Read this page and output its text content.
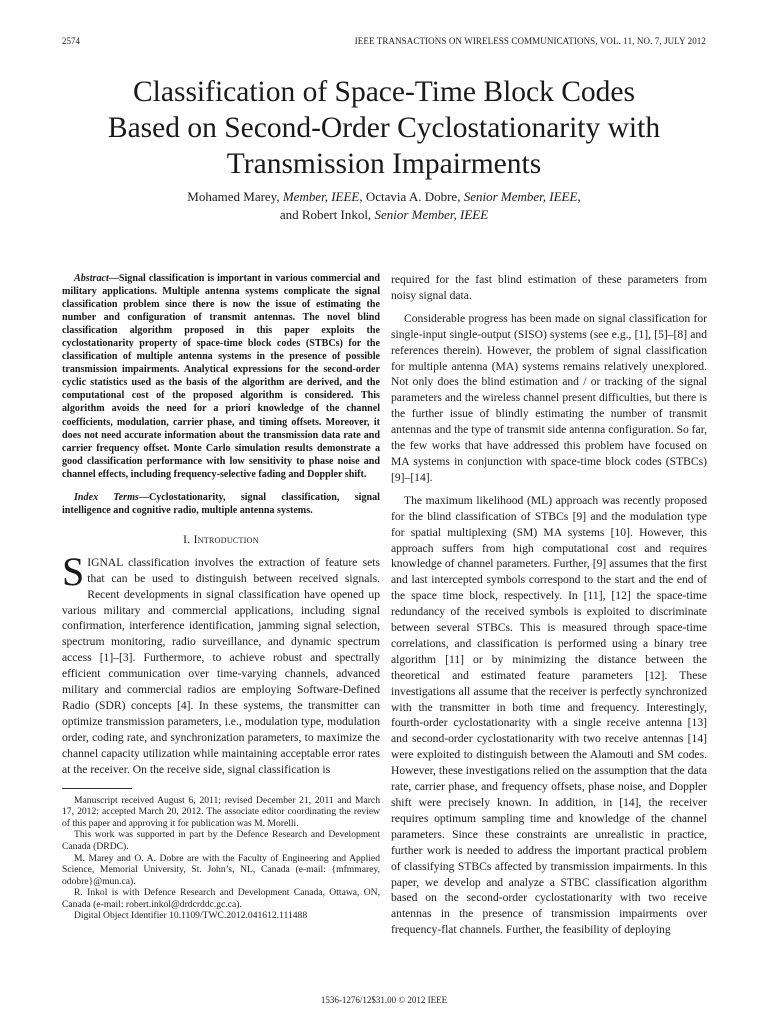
2574	IEEE TRANSACTIONS ON WIRELESS COMMUNICATIONS, VOL. 11, NO. 7, JULY 2012
Classification of Space-Time Block Codes
Based on Second-Order Cyclostationarity with
Transmission Impairments
Mohamed Marey, Member, IEEE, Octavia A. Dobre, Senior Member, IEEE,
and Robert Inkol, Senior Member, IEEE

Abstract—Signal classification is important in various commercial and military applications. Multiple antenna systems complicate the signal classification problem since there is now the issue of estimating the number and configuration of transmit antennas. The novel blind classification algorithm proposed in this paper exploits the cyclostationarity property of space-time block codes (STBCs) for the classification of multiple antenna systems in the presence of possible transmission impairments. Analytical expressions for the second-order cyclic statistics used as the basis of the algorithm are derived, and the computational cost of the proposed algorithm is considered. This algorithm avoids the need for a priori knowledge of the channel coefficients, modulation, carrier phase, and timing offsets. Moreover, it does not need accurate information about the transmission data rate and carrier frequency offset. Monte Carlo simulation results demonstrate a good classification performance with low sensitivity to phase noise and channel effects, including frequency-selective fading and Doppler shift.

Index Terms—Cyclostationarity, signal classification, signal intelligence and cognitive radio, multiple antenna systems.

I. Introduction

SIGNAL classification involves the extraction of feature sets that can be used to distinguish between received signals. Recent developments in signal classification have opened up various military and commercial applications, including signal confirmation, interference identification, jamming signal selection, spectrum monitoring, radio surveillance, and dynamic spectrum access [1]–[3]. Furthermore, to achieve robust and spectrally efficient communication over time-varying channels, advanced military and commercial radios are employing Software-Defined Radio (SDR) concepts [4]. In these systems, the transmitter can optimize transmission parameters, i.e., modulation type, modulation order, coding rate, and synchronization parameters, to maximize the channel capacity utilization while maintaining acceptable error rates at the receiver. On the receive side, signal classification is

Manuscript received August 6, 2011; revised December 21, 2011 and March 17, 2012; accepted March 20, 2012. The associate editor coordinating the review of this paper and approving it for publication was M. Morelli.

This work was supported in part by the Defence Research and Development Canada (DRDC).

M. Marey and O. A. Dobre are with the Faculty of Engineering and Applied Science, Memorial University, St. John’s, NL, Canada (e-mail: {mfmmarey, odobre}@mun.ca).

R. Inkol is with Defence Research and Development Canada, Ottawa, ON, Canada (e-mail: robert.inkol@drdcrddc.gc.ca).

Digital Object Identifier 10.1109/TWC.2012.041612.111488

required for the fast blind estimation of these parameters from noisy signal data.

Considerable progress has been made on signal classification for single-input single-output (SISO) systems (see e.g., [1], [5]–[8] and references therein). However, the problem of signal classification for multiple antenna (MA) systems remains relatively unexplored. Not only does the blind estimation and / or tracking of the signal parameters and the wireless channel present difficulties, but there is the further issue of blindly estimating the number of transmit antennas and the type of transmit side antenna configuration. So far, the few works that have addressed this problem have focused on MA systems in conjunction with space-time block codes (STBCs) [9]–[14].

The maximum likelihood (ML) approach was recently proposed for the blind classification of STBCs [9] and the modulation type for spatial multiplexing (SM) MA systems [10]. However, this approach suffers from high computational cost and requires knowledge of channel parameters. Further, [9] assumes that the first and last intercepted symbols correspond to the start and the end of the space time block, respectively. In [11], [12] the space-time redundancy of the received symbols is exploited to discriminate between several STBCs. This is measured through space-time correlations, and classification is performed using a binary tree algorithm [11] or by minimizing the distance between the theoretical and estimated feature parameters [12]. These investigations all assume that the receiver is perfectly synchronized with the transmitter in both time and frequency. Interestingly, fourth-order cyclostationarity with a single receive antenna [13] and second-order cyclostationarity with two receive antennas [14] were exploited to distinguish between the Alamouti and SM codes. However, these investigations relied on the assumption that the data rate, carrier phase, and frequency offsets, phase noise, and Doppler shift were precisely known. In addition, in [14], the receiver requires optimum sampling time and knowledge of the channel parameters. Since these constraints are unrealistic in practice, further work is needed to address the important practical problem of classifying STBCs affected by transmission impairments. In this paper, we develop and analyze a STBC classification algorithm based on the second-order cyclostationarity with two receive antennas in the presence of transmission impairments over frequency-flat channels. Further, the feasibility of deploying

1536-1276/12$31.00 © 2012 IEEE
